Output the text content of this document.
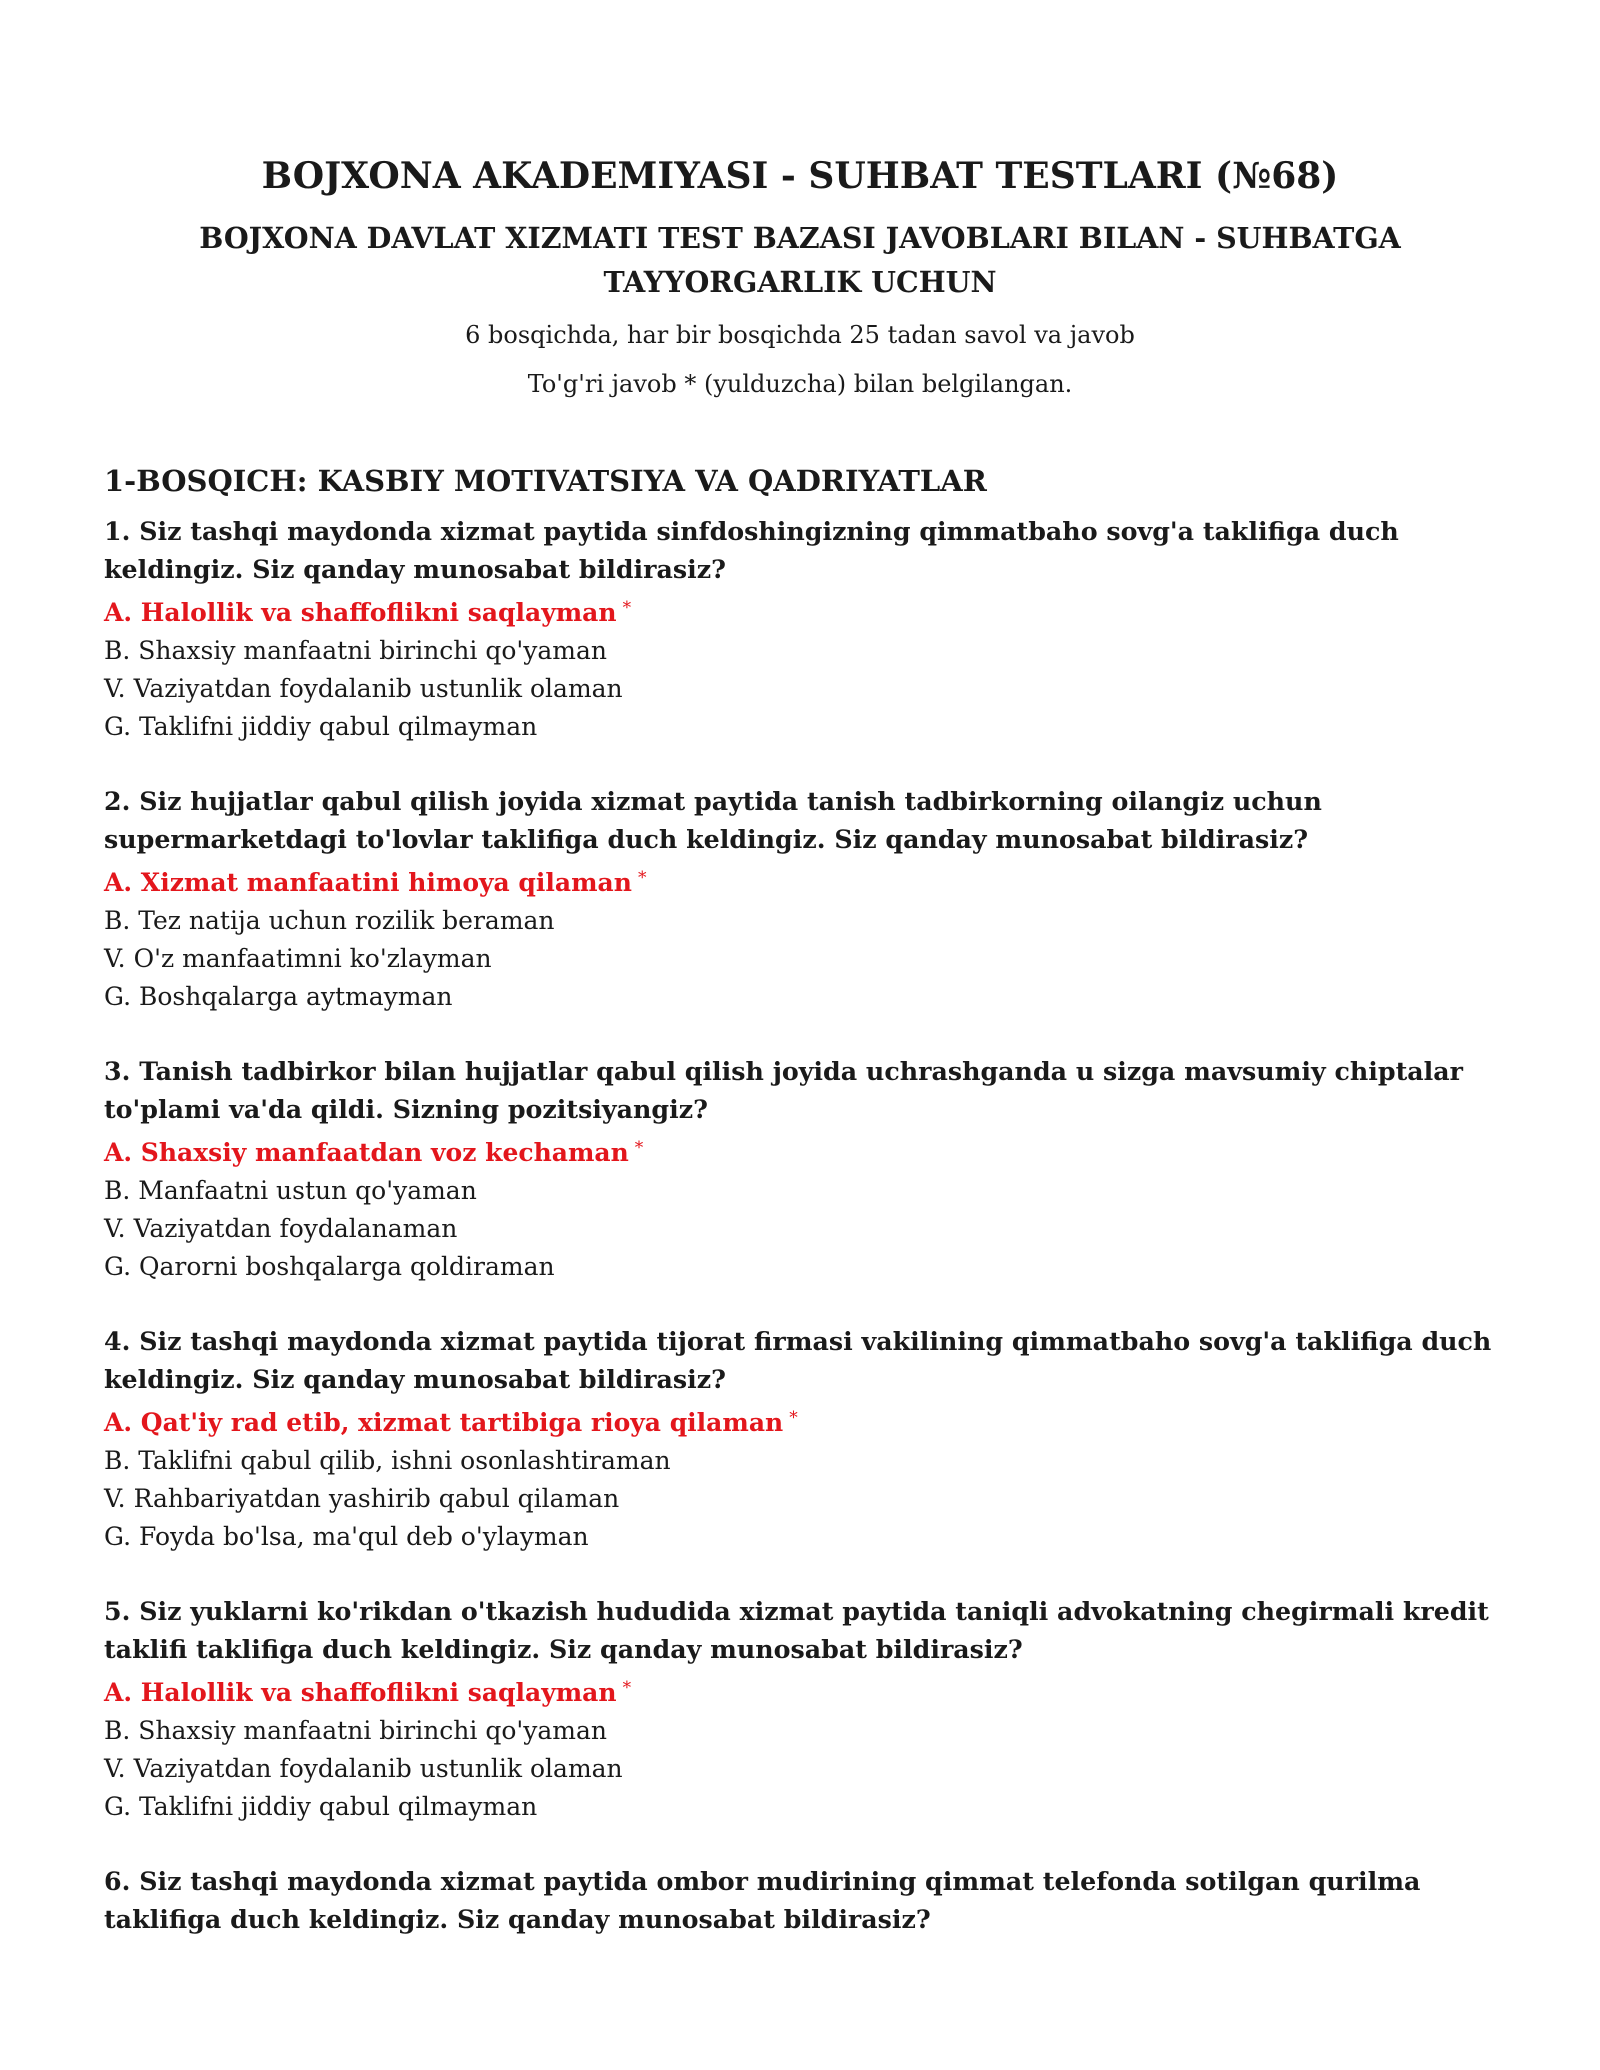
BOJXONA AKADEMIYASI - SUHBAT TESTLARI (№68)
BOJXONA DAVLAT XIZMATI TEST BAZASI JAVOBLARI BILAN - SUHBATGA TAYYORGARLIK UCHUN

6 bosqichda, har bir bosqichda 25 tadan savol va javob

To'g'ri javob * (yulduzcha) bilan belgilangan.

1-BOSQICH: KASBIY MOTIVATSIYA VA QADRIYATLAR

1. Siz tashqi maydonda xizmat paytida sinfdoshingizning qimmatbaho sovg'a taklifiga duch keldingiz. Siz qanday munosabat bildirasiz?

A. Halollik va shaffoflikni saqlayman *

B. Shaxsiy manfaatni birinchi qo'yaman

V. Vaziyatdan foydalanib ustunlik olaman

G. Taklifni jiddiy qabul qilmayman

2. Siz hujjatlar qabul qilish joyida xizmat paytida tanish tadbirkorning oilangiz uchun supermarketdagi to'lovlar taklifiga duch keldingiz. Siz qanday munosabat bildirasiz?

A. Xizmat manfaatini himoya qilaman *

B. Tez natija uchun rozilik beraman

V. O'z manfaatimni ko'zlayman

G. Boshqalarga aytmayman

3. Tanish tadbirkor bilan hujjatlar qabul qilish joyida uchrashganda u sizga mavsumiy chiptalar to'plami va'da qildi. Sizning pozitsiyangiz?

A. Shaxsiy manfaatdan voz kechaman *

B. Manfaatni ustun qo'yaman

V. Vaziyatdan foydalanaman

G. Qarorni boshqalarga qoldiraman

4. Siz tashqi maydonda xizmat paytida tijorat firmasi vakilining qimmatbaho sovg'a taklifiga duch keldingiz. Siz qanday munosabat bildirasiz?

A. Qat'iy rad etib, xizmat tartibiga rioya qilaman *

B. Taklifni qabul qilib, ishni osonlashtiraman

V. Rahbariyatdan yashirib qabul qilaman

G. Foyda bo'lsa, ma'qul deb o'ylayman

5. Siz yuklarni ko'rikdan o'tkazish hududida xizmat paytida taniqli advokatning chegirmali kredit taklifi taklifiga duch keldingiz. Siz qanday munosabat bildirasiz?

A. Halollik va shaffoflikni saqlayman *

B. Shaxsiy manfaatni birinchi qo'yaman

V. Vaziyatdan foydalanib ustunlik olaman

G. Taklifni jiddiy qabul qilmayman

6. Siz tashqi maydonda xizmat paytida ombor mudirining qimmat telefonda sotilgan qurilma taklifiga duch keldingiz. Siz qanday munosabat bildirasiz?
